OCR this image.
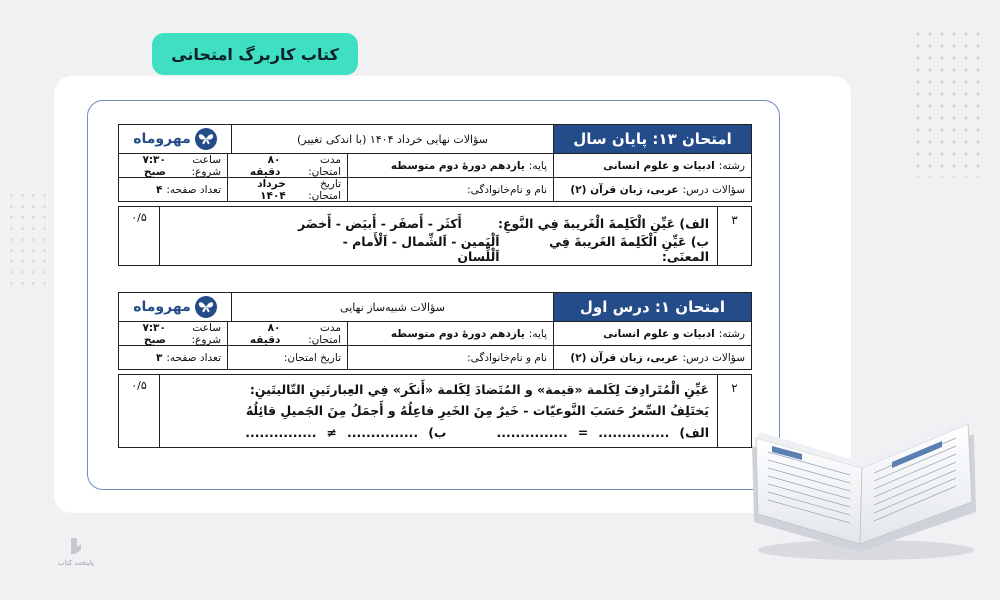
کتاب کاربرگ امتحانی
امتحان ۱۳: پایان سال
سؤالات نهایی خرداد ۱۴۰۴ (با اندکی تغییر)
مهروماه
رشته:
ادبیات و علوم انسانی
پایه:
یازدهم دورهٔ دوم متوسطه
مدت امتحان:
۸۰ دقیقه
ساعت شروع:
۷:۳۰ صبح
سؤالات درس:
عربی، زبان قرآن (۲)
نام و نام‌خانوادگی:
تاریخ امتحان:
خرداد ۱۴۰۴
تعداد صفحه:
۴
۳
الف) عَیِّنِ الْکَلِمةَ الْغَریبةَ فِي النَّوعِ:
أَکثَر - أَصفَر - أَبیَض - أَخضَر
ب) عَیِّنِ الْکَلِمةَ الغَریبةَ فِي المعنَی:
اَلْیَمین - اَلشِّمال - اَلْأَمام - اَلْلِّسان
۰/۵
امتحان ۱: درس اول
سؤالات شبیه‌ساز نهایی
مهروماه
رشته:
ادبیات و علوم انسانی
پایه:
یازدهم دورهٔ دوم متوسطه
مدت امتحان:
۸۰ دقیقه
ساعت شروع:
۷:۳۰ صبح
سؤالات درس:
عربی، زبان قرآن (۲)
نام و نام‌خانوادگی:
تاریخ امتحان:
تعداد صفحه:
۳
۲
عَیِّنِ الْمُتَرادِفَ لِکَلمة «قیمة» و المُتَضادَ لِکَلمة «أَنکَر» فِي العِبارتَینِ التّالیتَینِ:
یَختَلِفُ السِّعرُ حَسَبَ النَّوعیّات - خَیرٌ مِنَ الخَیرِ فاعِلُهُ و أَجمَلُ مِنَ الجَمیلِ قائِلُهُ
الف)
...............
=
...............
ب)
...............
≠
...............
۰/۵
پایتخت کتاب
